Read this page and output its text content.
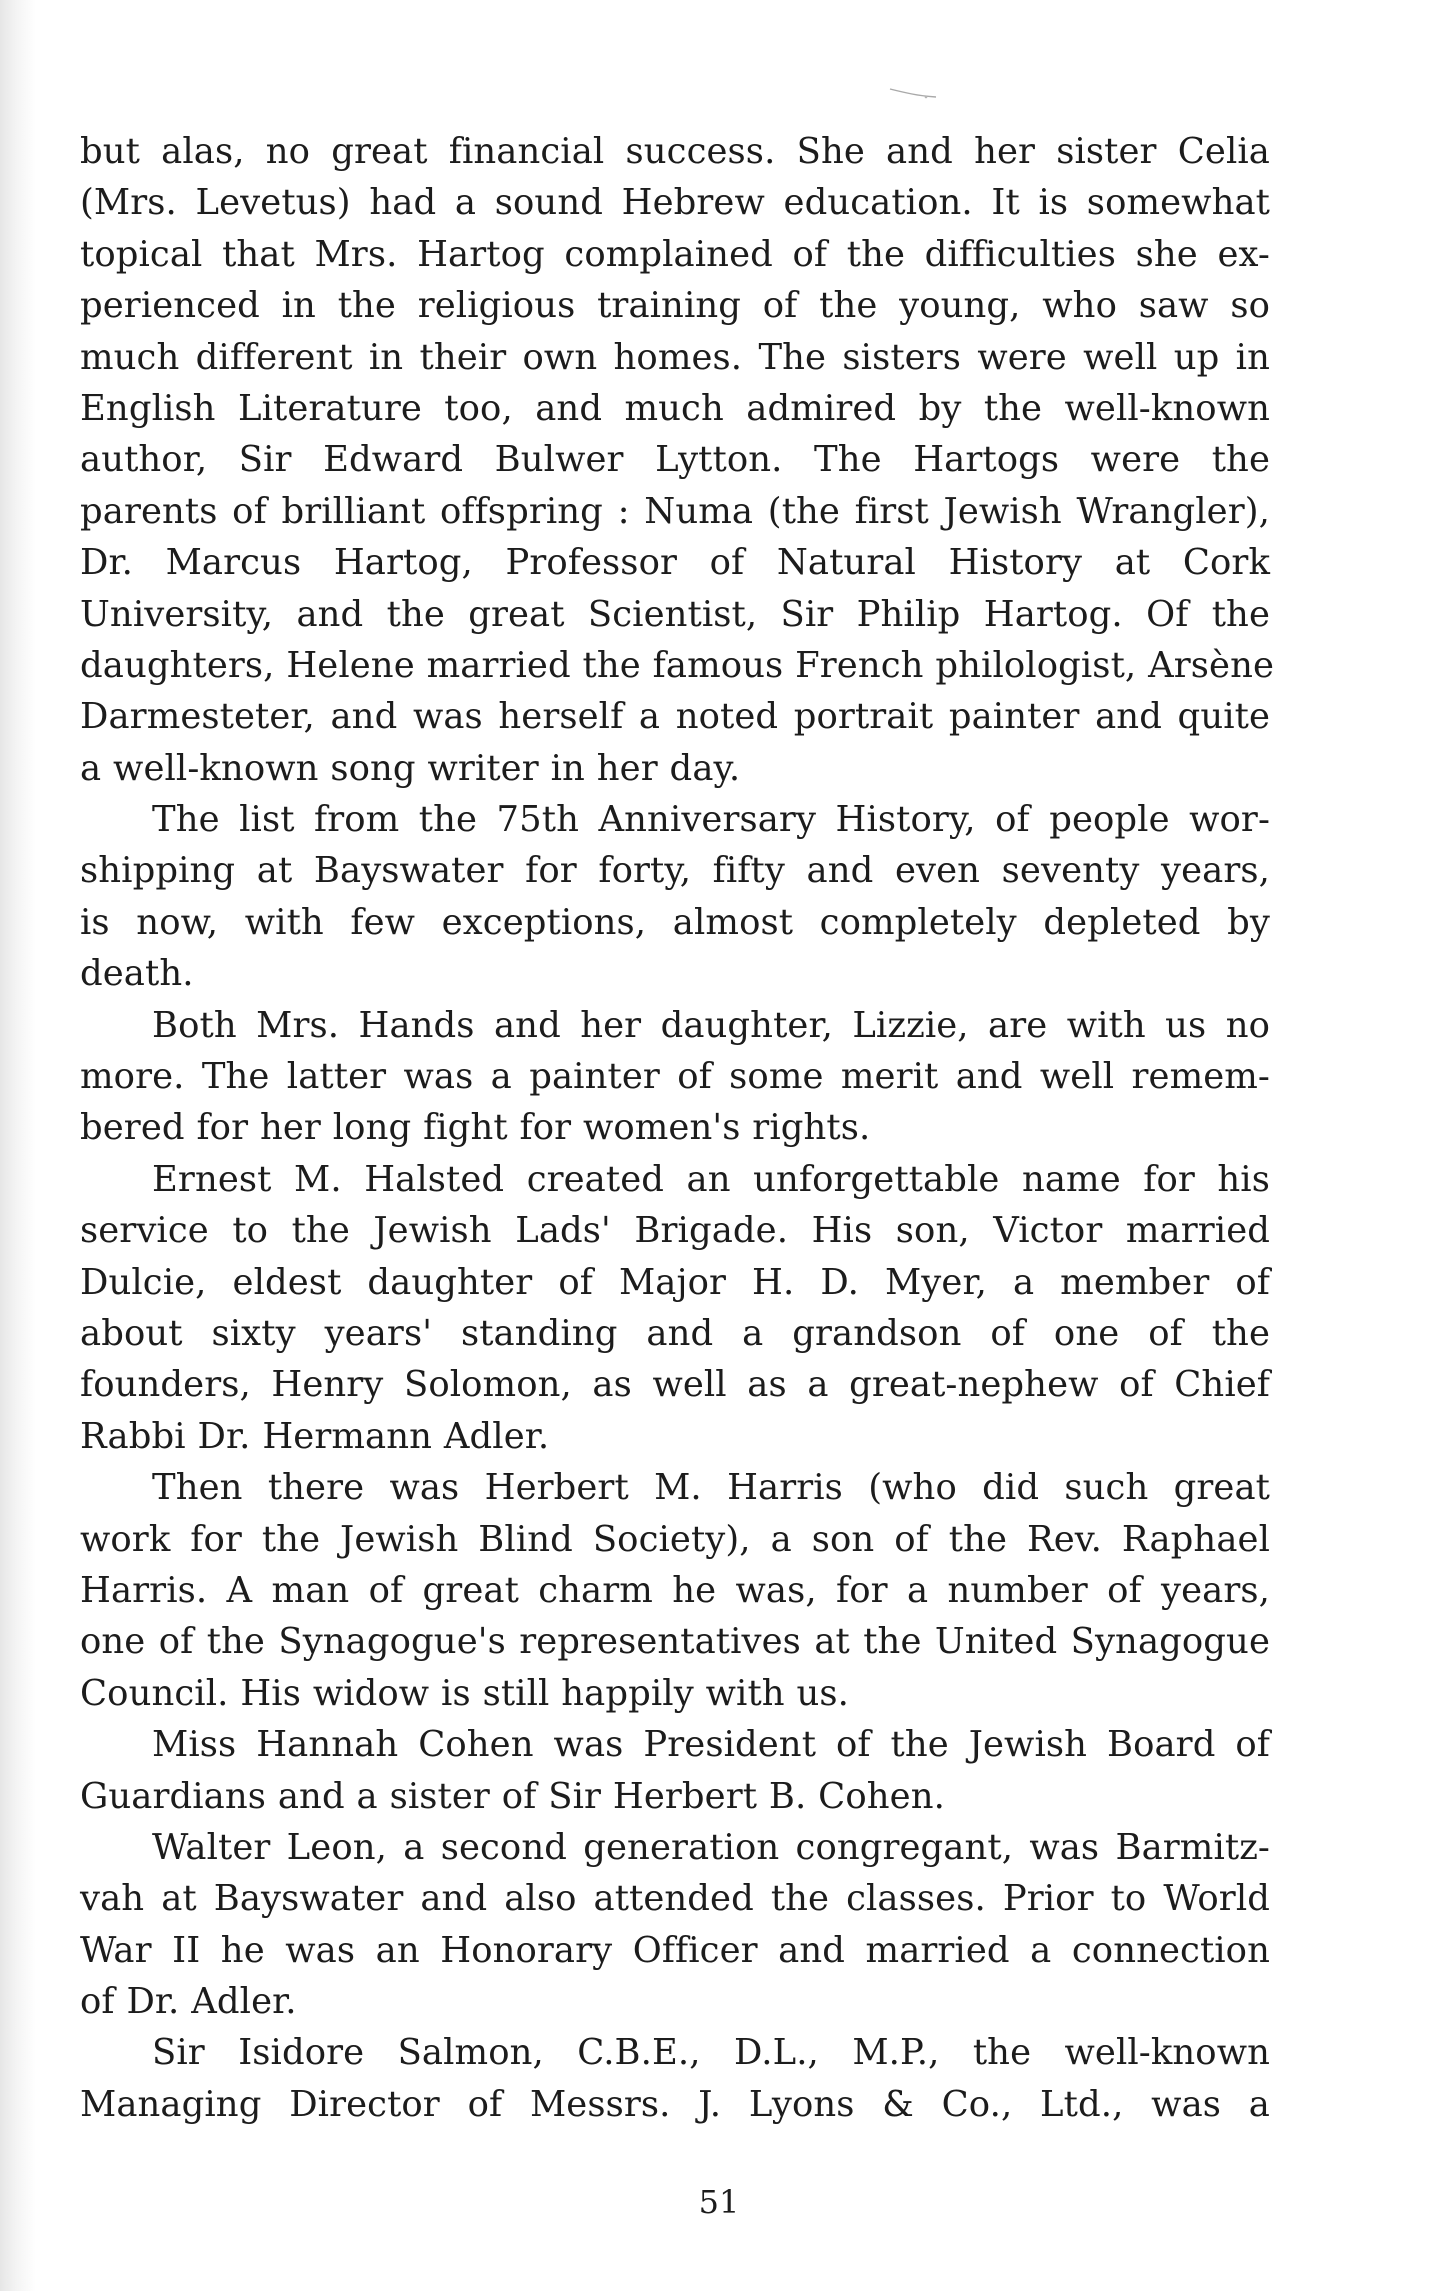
but alas, no great financial success. She and her sister Celia
(Mrs. Levetus) had a sound Hebrew education. It is somewhat
topical that Mrs. Hartog complained of the difficulties she ex-
perienced in the religious training of the young, who saw so
much different in their own homes. The sisters were well up in
English Literature too, and much admired by the well-known
author, Sir Edward Bulwer Lytton. The Hartogs were the
parents of brilliant offspring : Numa (the first Jewish Wrangler),
Dr. Marcus Hartog, Professor of Natural History at Cork
University, and the great Scientist, Sir Philip Hartog. Of the
daughters, Helene married the famous French philologist, Arsène
Darmesteter, and was herself a noted portrait painter and quite
a well-known song writer in her day.
The list from the 75th Anniversary History, of people wor-
shipping at Bayswater for forty, fifty and even seventy years,
is now, with few exceptions, almost completely depleted by
death.
Both Mrs. Hands and her daughter, Lizzie, are with us no
more. The latter was a painter of some merit and well remem-
bered for her long fight for women's rights.
Ernest M. Halsted created an unforgettable name for his
service to the Jewish Lads' Brigade. His son, Victor married
Dulcie, eldest daughter of Major H. D. Myer, a member of
about sixty years' standing and a grandson of one of the
founders, Henry Solomon, as well as a great-nephew of Chief
Rabbi Dr. Hermann Adler.
Then there was Herbert M. Harris (who did such great
work for the Jewish Blind Society), a son of the Rev. Raphael
Harris. A man of great charm he was, for a number of years,
one of the Synagogue's representatives at the United Synagogue
Council. His widow is still happily with us.
Miss Hannah Cohen was President of the Jewish Board of
Guardians and a sister of Sir Herbert B. Cohen.
Walter Leon, a second generation congregant, was Barmitz-
vah at Bayswater and also attended the classes. Prior to World
War II he was an Honorary Officer and married a connection
of Dr. Adler.
Sir Isidore Salmon, C.B.E., D.L., M.P., the well-known
Managing Director of Messrs. J. Lyons & Co., Ltd., was a
51
